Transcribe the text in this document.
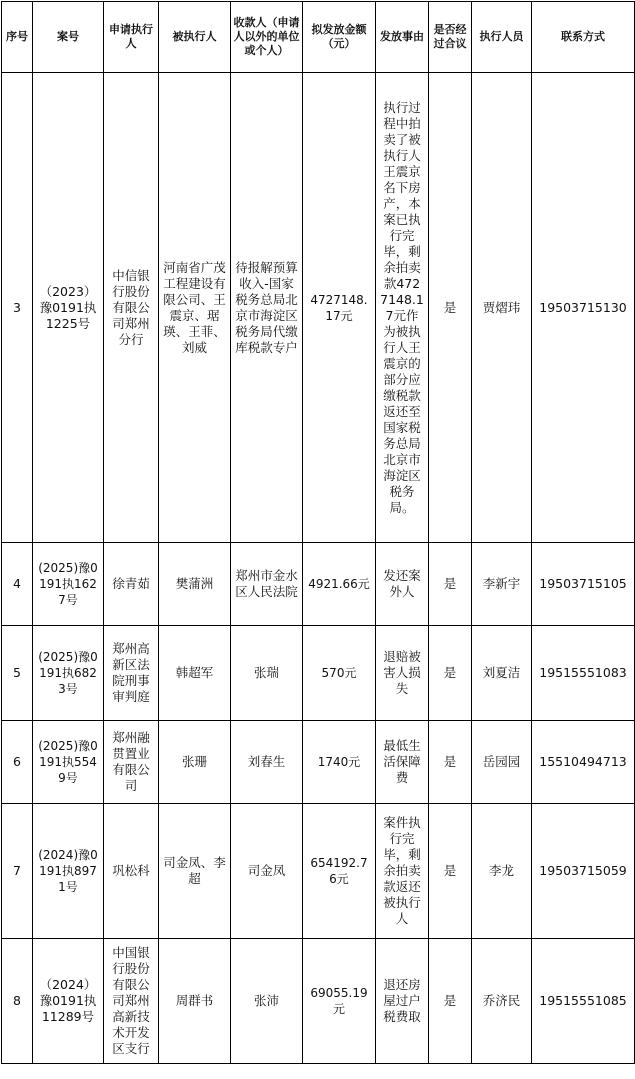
序号	案号	申请执行人	被执行人	收款人（申请人以外的单位或个人）	拟发放金额（元）	发放事由	是否经过合议	执行人员	联系方式
3	（2023）豫0191执1225号	中信银行股份有限公司郑州分行	河南省广茂工程建设有限公司、王震京、琚瑛、王菲、刘威	待报解预算收入-国家税务总局北京市海淀区税务局代缴库税款专户	4727148.17元	执行过程中拍卖了被执行人王震京名下房产，本案已执行完毕，剩余拍卖款4727148.17元作为被执行人王震京的部分应缴税款返还至国家税务总局北京市海淀区税务局。	是	贾熠玮	19503715130
4	(2025)豫0191执1627号	徐青茹	樊蒲洲	郑州市金水区人民法院	4921.66元	发还案外人	是	李新宇	19503715105
5	(2025)豫0191执6823号	郑州高新区法院刑事审判庭	韩超军	张瑞	570元	退赔被害人损失	是	刘夏洁	19515551083
6	(2025)豫0191执5549号	郑州融贯置业有限公司	张珊	刘春生	1740元	最低生活保障费	是	岳园园	15510494713
7	(2024)豫0191执8971号	巩松科	司金凤、李超	司金凤	654192.76元	案件执行完毕，剩余拍卖款返还被执行人	是	李龙	19503715059
8	（2024）豫0191执11289号	中国银行股份有限公司郑州高新技术开发区支行	周群书	张沛	69055.19元	退还房屋过户税费取	是	乔济民	19515551085
